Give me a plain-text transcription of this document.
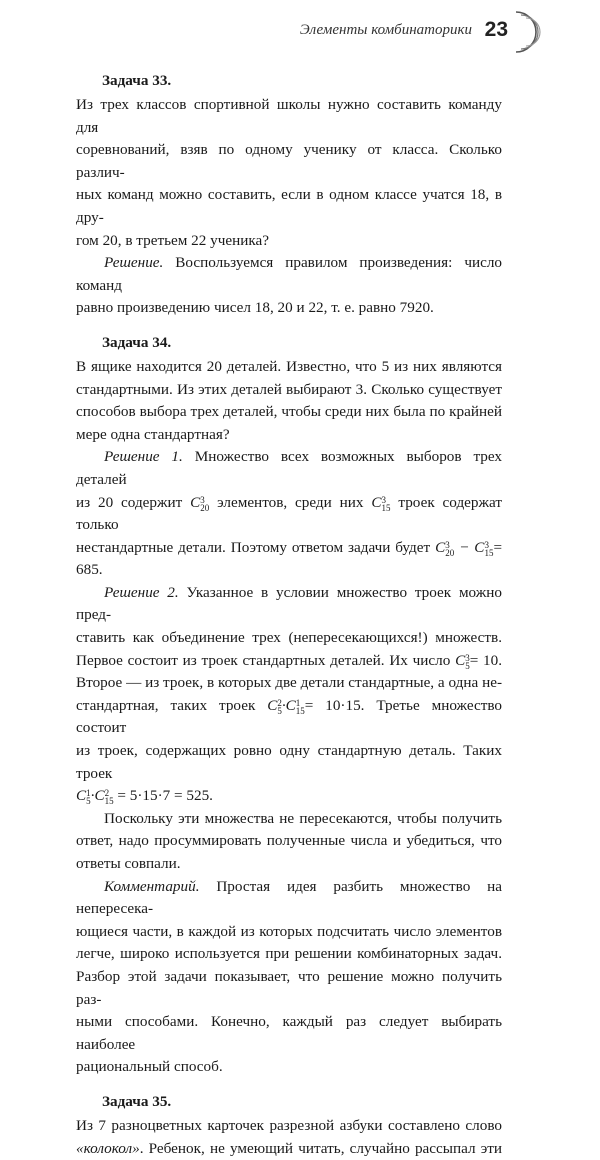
Элементы комбинаторики 23
Задача 33.

Из трех классов спортивной школы нужно составить команду для

соревнований, взяв по одному ученику от класса. Сколько различ-

ных команд можно составить, если в одном классе учатся 18, в дру-

гом 20, в третьем 22 ученика?

Решение. Воспользуемся правилом произведения: число команд

равно произведению чисел 18, 20 и 22, т. е. равно 7920.

Задача 34.

В ящике находится 20 деталей. Известно, что 5 из них являются

стандартными. Из этих деталей выбирают 3. Сколько существует

способов выбора трех деталей, чтобы среди них была по крайней

мере одна стандартная?

Решение 1. Множество всех возможных выборов трех деталей

из 20 содержит C 3
20 элементов, среди них C 3
15 троек содержат только

нестандартные детали. Поэтому ответом задачи будет C 3
20 − C 3
15 = 685.

Решение 2. Указанное в условии множество троек можно пред-

ставить как объединение трех (непересекающихся!) множеств.

Первое состоит из троек стандартных деталей. Их число C 3
5 = 10.

Второе — из троек, в которых две детали стандартные, а одна не-

стандартная, таких троек C 2
5 ·C 1
15 = 10·15. Третье множество состоит

из троек, содержащих ровно одну стандартную деталь. Таких троек

C 1
5 ·C 2
15 = 5·15·7 = 525.

Поскольку эти множества не пересекаются, чтобы получить

ответ, надо просуммировать полученные числа и убедиться, что

ответы совпали.

Комментарий. Простая идея разбить множество на непересека-

ющиеся части, в каждой из которых подсчитать число элементов

легче, широко используется при решении комбинаторных задач.

Разбор этой задачи показывает, что решение можно получить раз-

ными способами. Конечно, каждый раз следует выбирать наиболее

рациональный способ.

Задача 35.

Из 7 разноцветных карточек разрезной азбуки составлено слово

«колокол». Ребенок, не умеющий читать, случайно рассыпал эти
